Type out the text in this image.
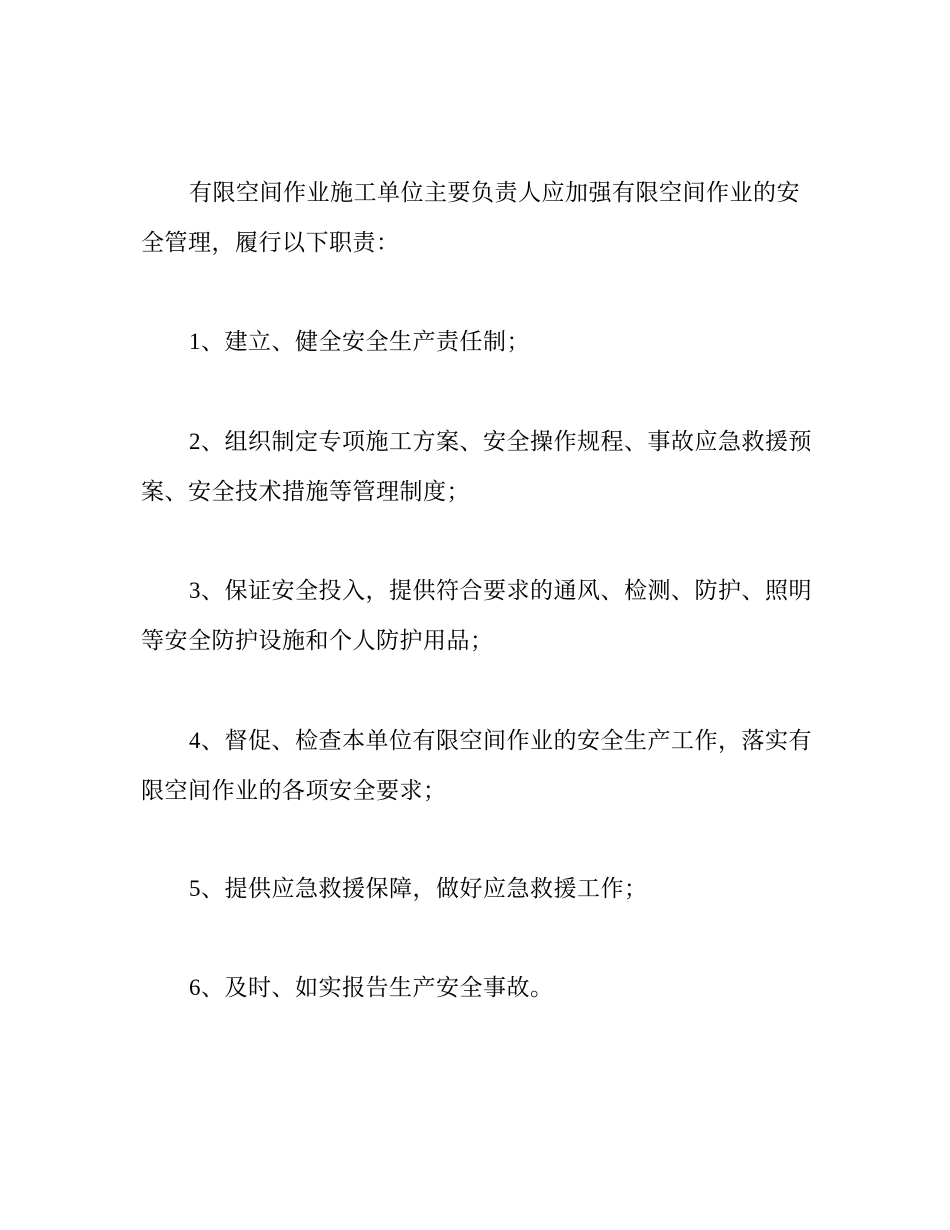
有限空间作业施工单位主要负责人应加强有限空间作业的安全管理，履行以下职责：

1、建立、健全安全生产责任制；

2、组织制定专项施工方案、安全操作规程、事故应急救援预案、安全技术措施等管理制度；

3、保证安全投入，提供符合要求的通风、检测、防护、照明等安全防护设施和个人防护用品；

4、督促、检查本单位有限空间作业的安全生产工作，落实有限空间作业的各项安全要求；

5、提供应急救援保障，做好应急救援工作；

6、及时、如实报告生产安全事故。
